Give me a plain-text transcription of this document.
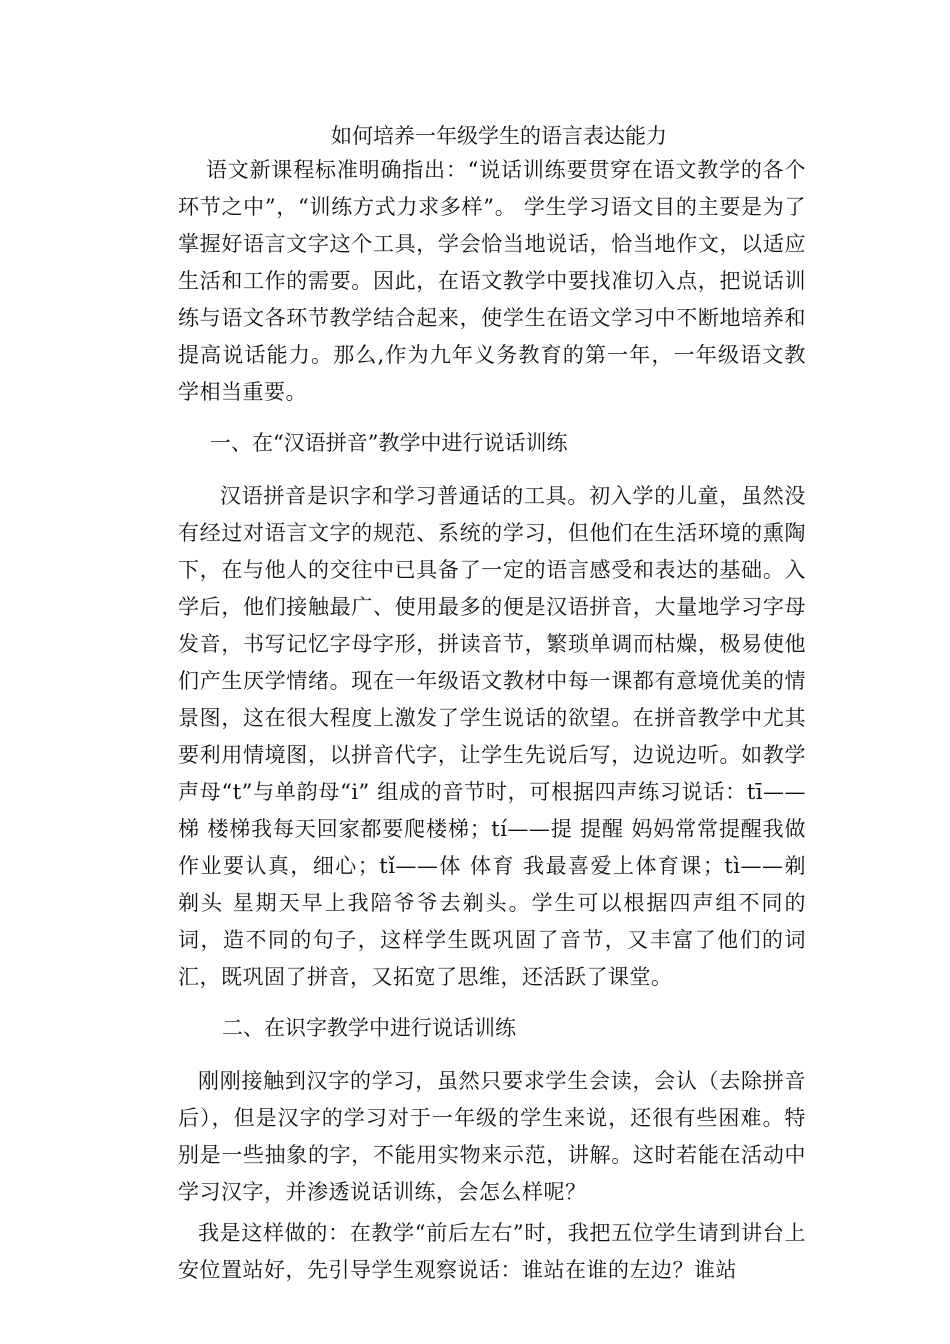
如何培养一年级学生的语言表达能力

语文新课程标准明确指出：“说话训练要贯穿在语文教学的各个环节之中”，“训练方式力求多样”。 学生学习语文目的主要是为了掌握好语言文字这个工具，学会恰当地说话，恰当地作文，以适应生活和工作的需要。因此，在语文教学中要找准切入点，把说话训练与语文各环节教学结合起来，使学生在语文学习中不断地培养和提高说话能力。那么,作为九年义务教育的第一年，一年级语文教学相当重要。

一、在“汉语拼音”教学中进行说话训练

汉语拼音是识字和学习普通话的工具。初入学的儿童，虽然没有经过对语言文字的规范、系统的学习，但他们在生活环境的熏陶下，在与他人的交往中已具备了一定的语言感受和表达的基础。入学后，他们接触最广、使用最多的便是汉语拼音，大量地学习字母发音，书写记忆字母字形，拼读音节，繁琐单调而枯燥，极易使他们产生厌学情绪。现在一年级语文教材中每一课都有意境优美的情景图，这在很大程度上激发了学生说话的欲望。在拼音教学中尤其要利用情境图，以拼音代字，让学生先说后写，边说边听。如教学声母“t”与单韵母“i” 组成的音节时，可根据四声练习说话：tī——梯 楼梯我每天回家都要爬楼梯；tí——提 提醒 妈妈常常提醒我做作业要认真，细心；tǐ——体 体育 我最喜爱上体育课；tì——剃 剃头 星期天早上我陪爷爷去剃头。学生可以根据四声组不同的词，造不同的句子，这样学生既巩固了音节，又丰富了他们的词汇，既巩固了拼音，又拓宽了思维，还活跃了课堂。

二、在识字教学中进行说话训练

刚刚接触到汉字的学习，虽然只要求学生会读，会认（去除拼音后），但是汉字的学习对于一年级的学生来说，还很有些困难。特别是一些抽象的字，不能用实物来示范，讲解。这时若能在活动中学习汉字，并渗透说话训练，会怎么样呢？

我是这样做的：在教学“前后左右”时，我把五位学生请到讲台上安位置站好，先引导学生观察说话：谁站在谁的左边？谁站
